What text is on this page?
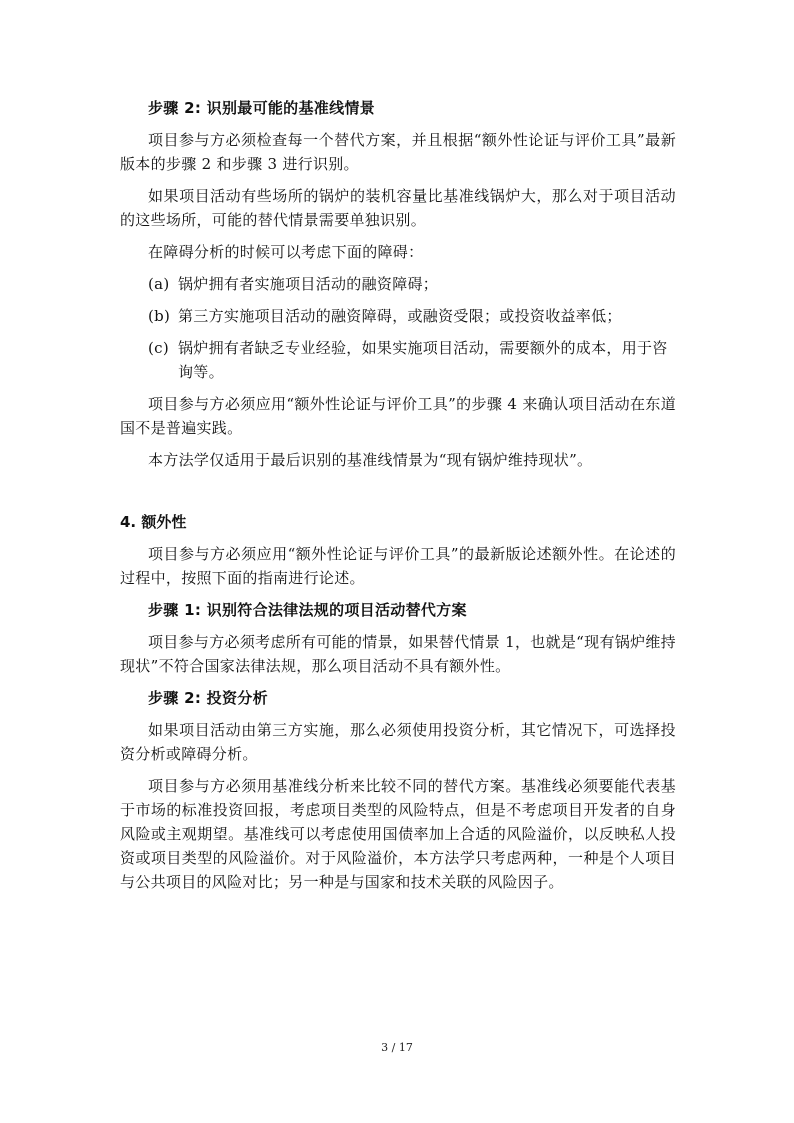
步骤 2: 识别最可能的基准线情景

项目参与方必须检查每一个替代方案，并且根据“额外性论证与评价工具”最新版本的步骤 2 和步骤 3 进行识别。

如果项目活动有些场所的锅炉的装机容量比基准线锅炉大，那么对于项目活动的这些场所，可能的替代情景需要单独识别。

在障碍分析的时候可以考虑下面的障碍：

(a) 锅炉拥有者实施项目活动的融资障碍；
(b) 第三方实施项目活动的融资障碍，或融资受限；或投资收益率低；
(c) 锅炉拥有者缺乏专业经验，如果实施项目活动，需要额外的成本，用于咨询等。

项目参与方必须应用“额外性论证与评价工具”的步骤 4 来确认项目活动在东道国不是普遍实践。

本方法学仅适用于最后识别的基准线情景为“现有锅炉维持现状”。

4. 额外性

项目参与方必须应用“额外性论证与评价工具”的最新版论述额外性。在论述的过程中，按照下面的指南进行论述。

步骤 1: 识别符合法律法规的项目活动替代方案

项目参与方必须考虑所有可能的情景，如果替代情景 1，也就是“现有锅炉维持现状”不符合国家法律法规，那么项目活动不具有额外性。

步骤 2: 投资分析

如果项目活动由第三方实施，那么必须使用投资分析，其它情况下，可选择投资分析或障碍分析。

项目参与方必须用基准线分析来比较不同的替代方案。基准线必须要能代表基于市场的标准投资回报，考虑项目类型的风险特点，但是不考虑项目开发者的自身风险或主观期望。基准线可以考虑使用国债率加上合适的风险溢价，以反映私人投资或项目类型的风险溢价。对于风险溢价，本方法学只考虑两种，一种是个人项目与公共项目的风险对比；另一种是与国家和技术关联的风险因子。

3 / 17
